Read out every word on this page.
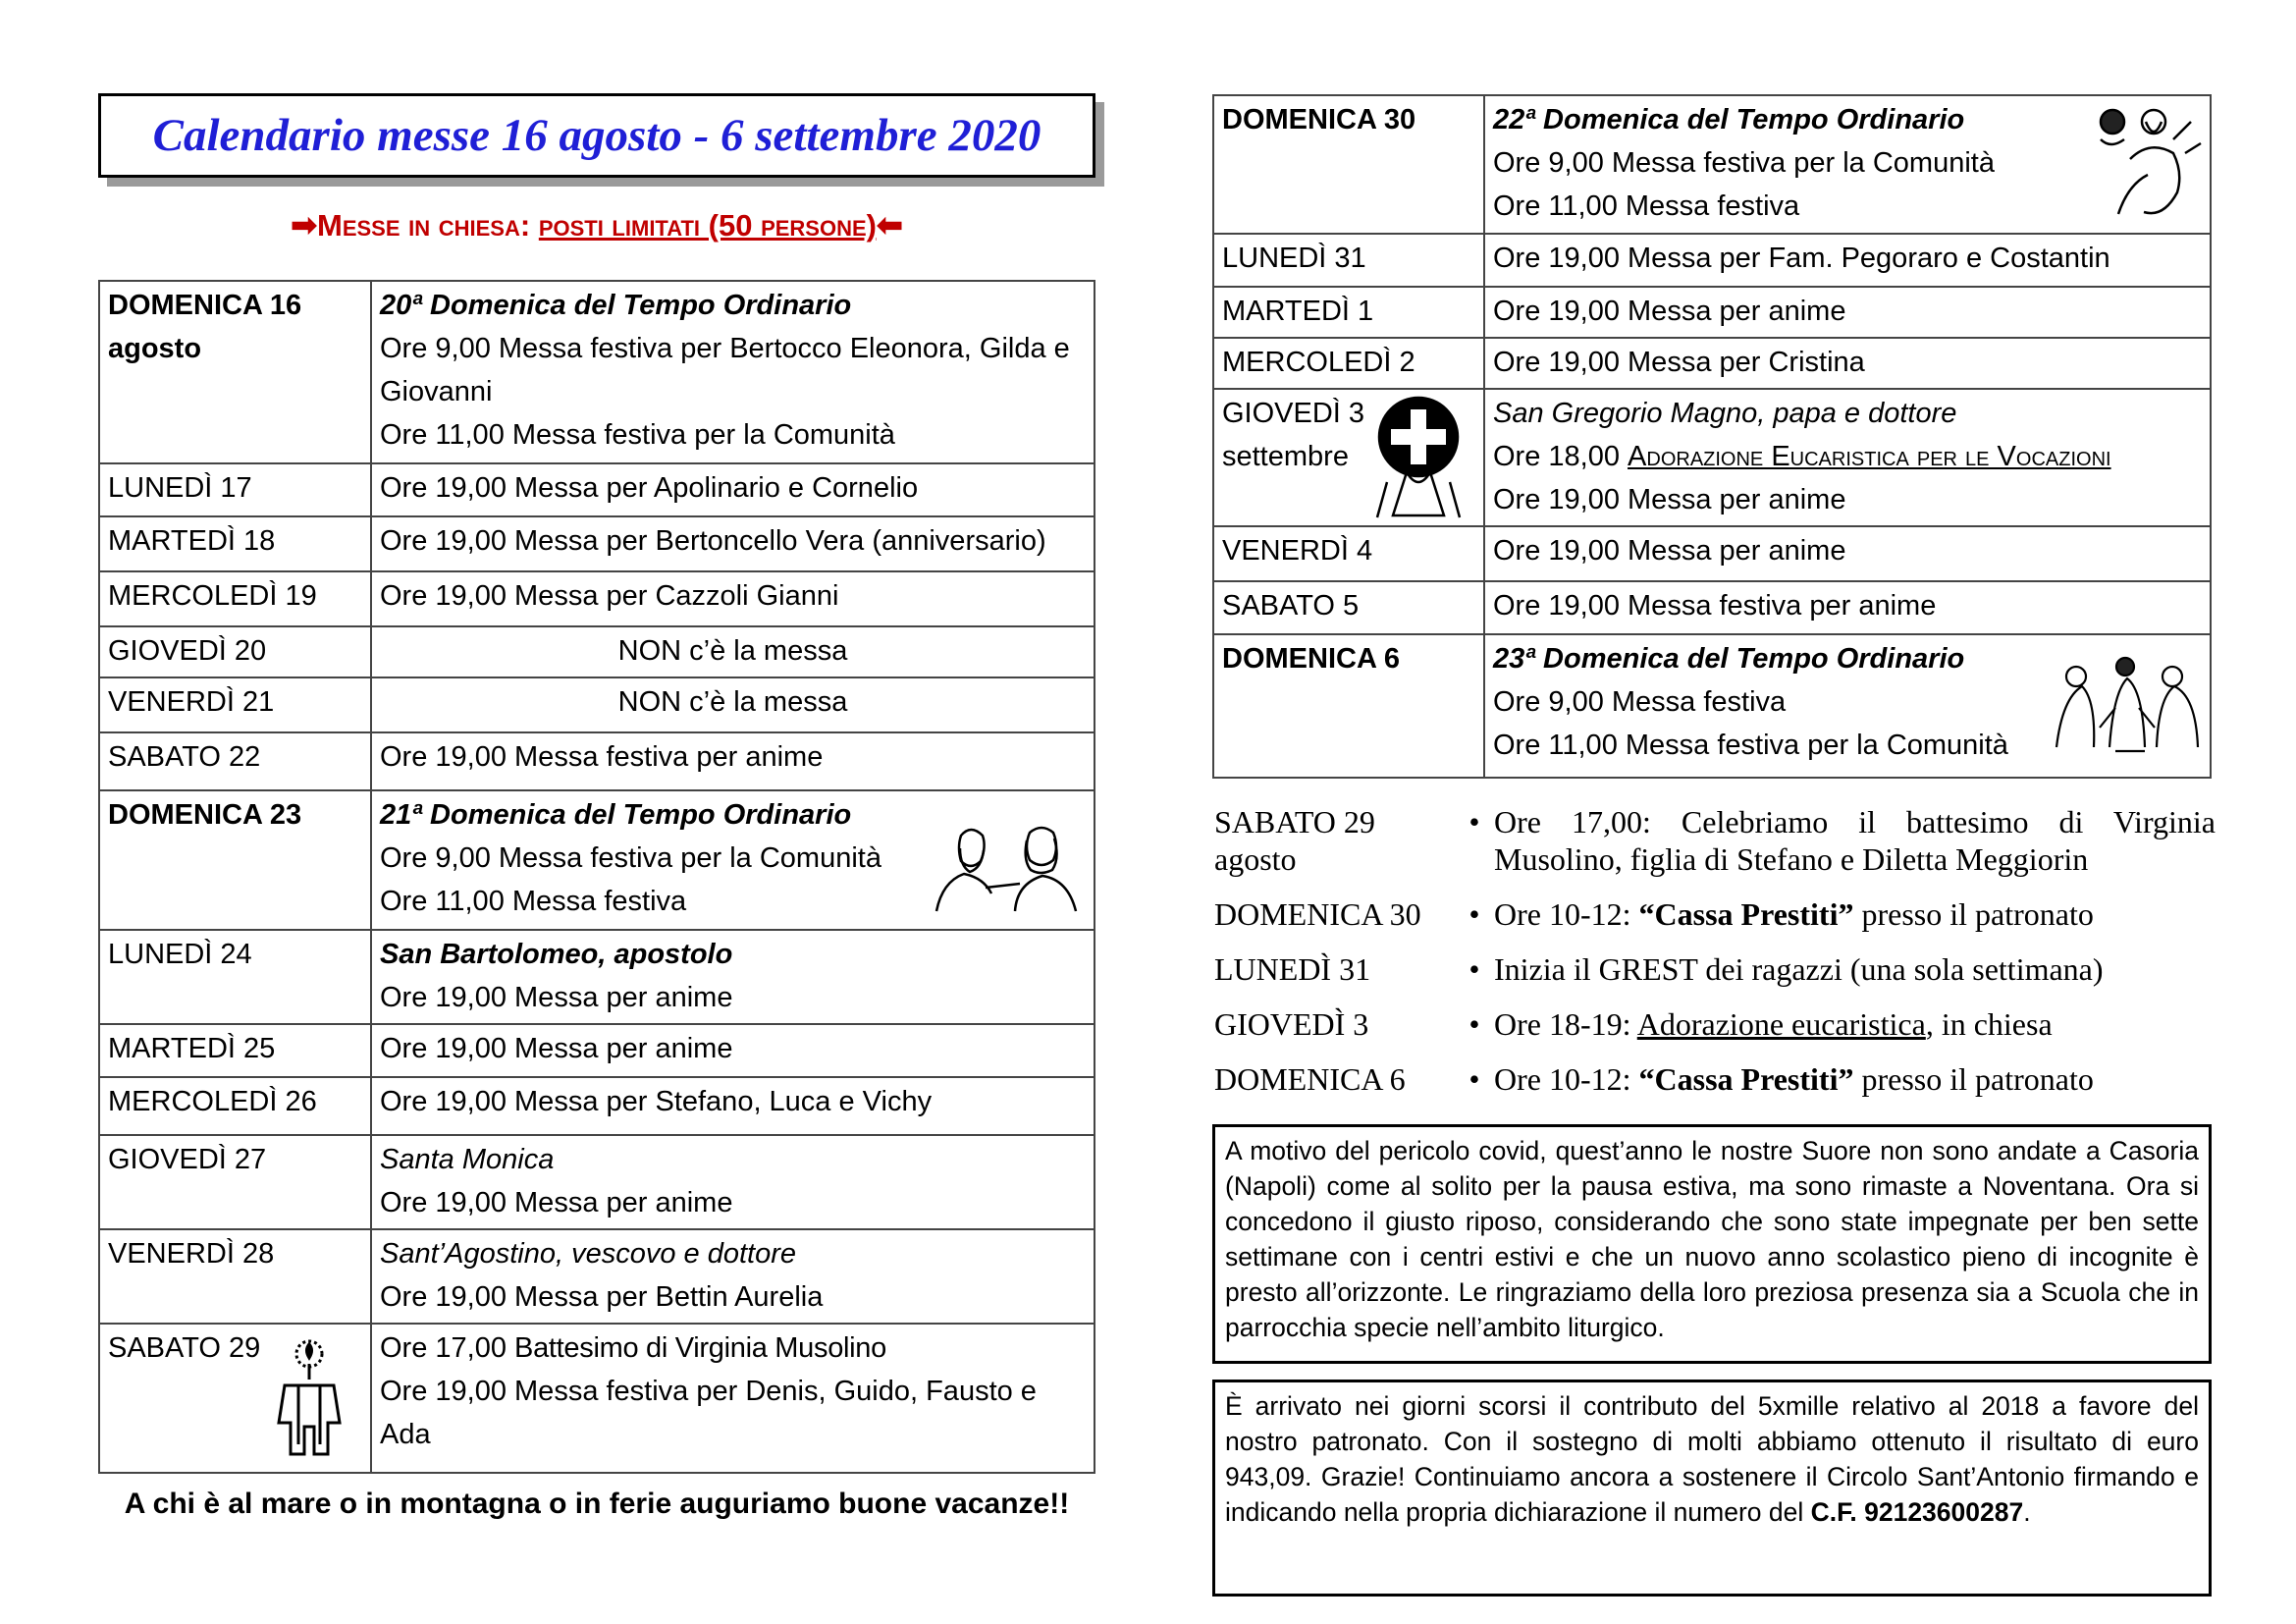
Calendario messe 16 agosto - 6 settembre 2020
➡Messe in chiesa: posti limitati (50 persone)⬅
DOMENICA 16 agosto	20ª Domenica del Tempo Ordinario
Ore 9,00 Messa festiva per Bertocco Eleonora, Gilda e Giovanni
Ore 11,00 Messa festiva per la Comunità

LUNEDÌ 17	Ore 19,00 Messa per Apolinario e Cornelio

MARTEDÌ 18	Ore 19,00 Messa per Bertoncello Vera (anniversario)

MERCOLEDÌ 19	Ore 19,00 Messa per Cazzoli Gianni

GIOVEDÌ 20	NON c’è la messa

VENERDÌ 21	NON c’è la messa

SABATO 22	Ore 19,00 Messa festiva per anime

DOMENICA 23	21ª Domenica del Tempo Ordinario
Ore 9,00 Messa festiva per la Comunità
Ore 11,00 Messa festiva

LUNEDÌ 24	San Bartolomeo, apostolo
Ore 19,00 Messa per anime

MARTEDÌ 25	Ore 19,00 Messa per anime

MERCOLEDÌ 26	Ore 19,00 Messa per Stefano, Luca e Vichy

GIOVEDÌ 27	Santa Monica
Ore 19,00 Messa per anime

VENERDÌ 28	Sant’Agostino, vescovo e dottore
Ore 19,00 Messa per Bettin Aurelia

SABATO 29	Ore 17,00 Battesimo di Virginia Musolino
Ore 19,00 Messa festiva per Denis, Guido, Fausto e Ada
A chi è al mare o in montagna o in ferie auguriamo buone vacanze!!
DOMENICA 30	22ª Domenica del Tempo Ordinario
Ore 9,00 Messa festiva per la Comunità
Ore 11,00 Messa festiva

LUNEDÌ 31	Ore 19,00 Messa per Fam. Pegoraro e Costantin

MARTEDÌ 1	Ore 19,00 Messa per anime

MERCOLEDÌ 2	Ore 19,00 Messa per Cristina

GIOVEDÌ 3 settembre	San Gregorio Magno, papa e dottore
Ore 18,00 Adorazione Eucaristica per le Vocazioni
Ore 19,00 Messa per anime

VENERDÌ 4	Ore 19,00 Messa per anime

SABATO 5	Ore 19,00 Messa festiva per anime

DOMENICA 6	23ª Domenica del Tempo Ordinario
Ore 9,00 Messa festiva
Ore 11,00 Messa festiva per la Comunità
SABATO 29 agosto
• Ore 17,00: Celebriamo il battesimo di Virginia Musolino, figlia di Stefano e Diletta Meggiorin
DOMENICA 30	• Ore 10-12: “Cassa Prestiti” presso il patronato
LUNEDÌ 31	• Inizia il GREST dei ragazzi (una sola settimana)
GIOVEDÌ 3	• Ore 18-19: Adorazione eucaristica, in chiesa
DOMENICA 6	• Ore 10-12: “Cassa Prestiti” presso il patronato
A motivo del pericolo covid, quest’anno le nostre Suore non sono andate a Casoria (Napoli) come al solito per la pausa estiva, ma sono rimaste a Noventana. Ora si concedono il giusto riposo, considerando che sono state impegnate per ben sette settimane con i centri estivi e che un nuovo anno scolastico pieno di incognite è presto all’orizzonte. Le ringraziamo della loro preziosa presenza sia a Scuola che in parrocchia specie nell’ambito liturgico.
È arrivato nei giorni scorsi il contributo del 5xmille relativo al 2018 a favore del nostro patronato. Con il sostegno di molti abbiamo ottenuto il risultato di euro 943,09. Grazie! Continuiamo ancora a sostenere il Circolo Sant’Antonio firmando e indicando nella propria dichiarazione il numero del C.F. 92123600287.
